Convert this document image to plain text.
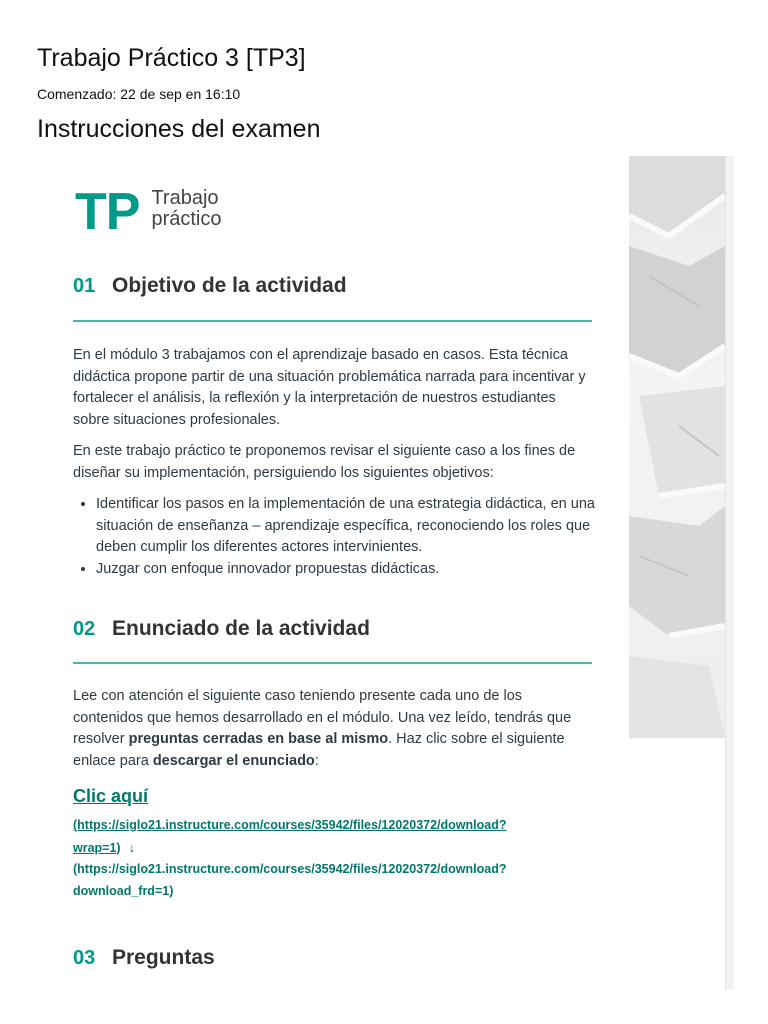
Trabajo Práctico 3 [TP3]
Comenzado: 22 de sep en 16:10
Instrucciones del examen
TP Trabajo
práctico
01 Objetivo de la actividad

En el módulo 3 trabajamos con el aprendizaje basado en casos. Esta técnica didáctica propone partir de una situación problemática narrada para incentivar y fortalecer el análisis, la reflexión y la interpretación de nuestros estudiantes sobre situaciones profesionales.

En este trabajo práctico te proponemos revisar el siguiente caso a los fines de diseñar su implementación, persiguiendo los siguientes objetivos:

• Identificar los pasos en la implementación de una estrategia didáctica, en una situación de enseñanza – aprendizaje específica, reconociendo los roles que deben cumplir los diferentes actores intervinientes.
• Juzgar con enfoque innovador propuestas didácticas.
02 Enunciado de la actividad

Lee con atención el siguiente caso teniendo presente cada uno de los contenidos que hemos desarrollado en el módulo. Una vez leído, tendrás que resolver preguntas cerradas en base al mismo. Haz clic sobre el siguiente enlace para descargar el enunciado:

Clic aquí
(https://siglo21.instructure.com/courses/35942/files/12020372/download?
wrap=1) ↓
(https://siglo21.instructure.com/courses/35942/files/12020372/download?
download_frd=1)
03 Preguntas
